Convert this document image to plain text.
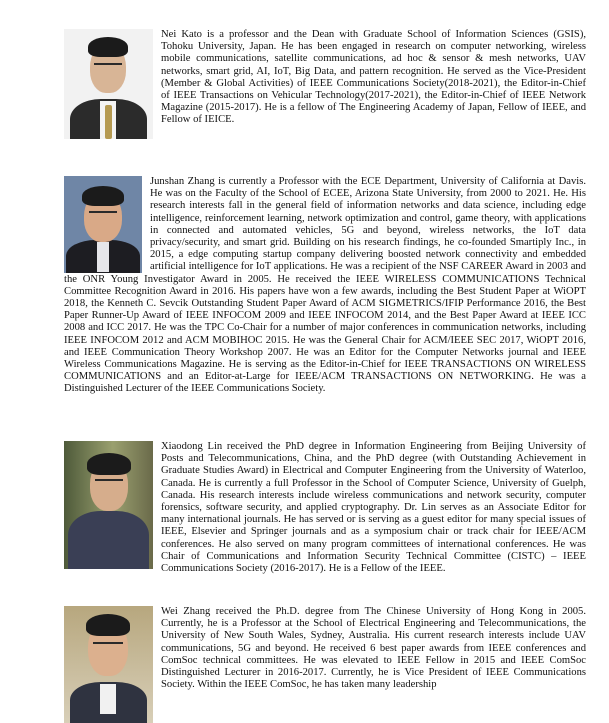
Nei Kato is a professor and the Dean with Graduate School of Information Sciences (GSIS), Tohoku University, Japan. He has been engaged in research on computer networking, wireless mobile communications, satellite communications, ad hoc & sensor & mesh networks, UAV networks, smart grid, AI, IoT, Big Data, and pattern recognition. He served as the Vice-President (Member & Global Activities) of IEEE Communications Society(2018-2021), the Editor-in-Chief of IEEE Transactions on Vehicular Technology(2017-2021), the Editor-in-Chief of IEEE Network Magazine (2015-2017). He is a fellow of The Engineering Academy of Japan, Fellow of IEEE, and Fellow of IEICE.

Junshan Zhang is currently a Professor with the ECE Department, University of California at Davis. He was on the Faculty of the School of ECEE, Arizona State University, from 2000 to 2021. He. His research interests fall in the general field of information networks and data science, including edge intelligence, reinforcement learning, network optimization and control, game theory, with applications in connected and automated vehicles, 5G and beyond, wireless networks, the IoT data privacy/security, and smart grid. Building on his research findings, he co-founded Smartiply Inc., in 2015, a edge computing startup company delivering boosted network connectivity and embedded artificial intelligence for IoT applications. He was a recipient of the NSF CAREER Award in 2003 and the ONR Young Investigator Award in 2005. He received the IEEE WIRELESS COMMUNICATIONS Technical Committee Recognition Award in 2016. His papers have won a few awards, including the Best Student Paper at WiOPT 2018, the Kenneth C. Sevcik Outstanding Student Paper Award of ACM SIGMETRICS/IFIP Performance 2016, the Best Paper Runner-Up Award of IEEE INFOCOM 2009 and IEEE INFOCOM 2014, and the Best Paper Award at IEEE ICC 2008 and ICC 2017. He was the TPC Co-Chair for a number of major conferences in communication networks, including IEEE INFOCOM 2012 and ACM MOBIHOC 2015. He was the General Chair for ACM/IEEE SEC 2017, WiOPT 2016, and IEEE Communication Theory Workshop 2007. He was an Editor for the Computer Networks journal and IEEE Wireless Communications Magazine. He is serving as the Editor-in-Chief for IEEE TRANSACTIONS ON WIRELESS COMMUNICATIONS and an Editor-at-Large for IEEE/ACM TRANSACTIONS ON NETWORKING. He was a Distinguished Lecturer of the IEEE Communications Society.

Xiaodong Lin received the PhD degree in Information Engineering from Beijing University of Posts and Telecommunications, China, and the PhD degree (with Outstanding Achievement in Graduate Studies Award) in Electrical and Computer Engineering from the University of Waterloo, Canada. He is currently a full Professor in the School of Computer Science, University of Guelph, Canada. His research interests include wireless communications and network security, computer forensics, software security, and applied cryptography. Dr. Lin serves as an Associate Editor for many international journals. He has served or is serving as a guest editor for many special issues of IEEE, Elsevier and Springer journals and as a symposium chair or track chair for IEEE/ACM conferences. He also served on many program committees of international conferences. He was Chair of Communications and Information Security Technical Committee (CISTC) – IEEE Communications Society (2016-2017). He is a Fellow of the IEEE.

Wei Zhang received the Ph.D. degree from The Chinese University of Hong Kong in 2005. Currently, he is a Professor at the School of Electrical Engineering and Telecommunications, the University of New South Wales, Sydney, Australia. His current research interests include UAV communications, 5G and beyond. He received 6 best paper awards from IEEE conferences and ComSoc technical committees. He was elevated to IEEE Fellow in 2015 and IEEE ComSoc Distinguished Lecturer in 2016-2017. Currently, he is Vice President of IEEE Communications Society. Within the IEEE ComSoc, he has taken many leadership
